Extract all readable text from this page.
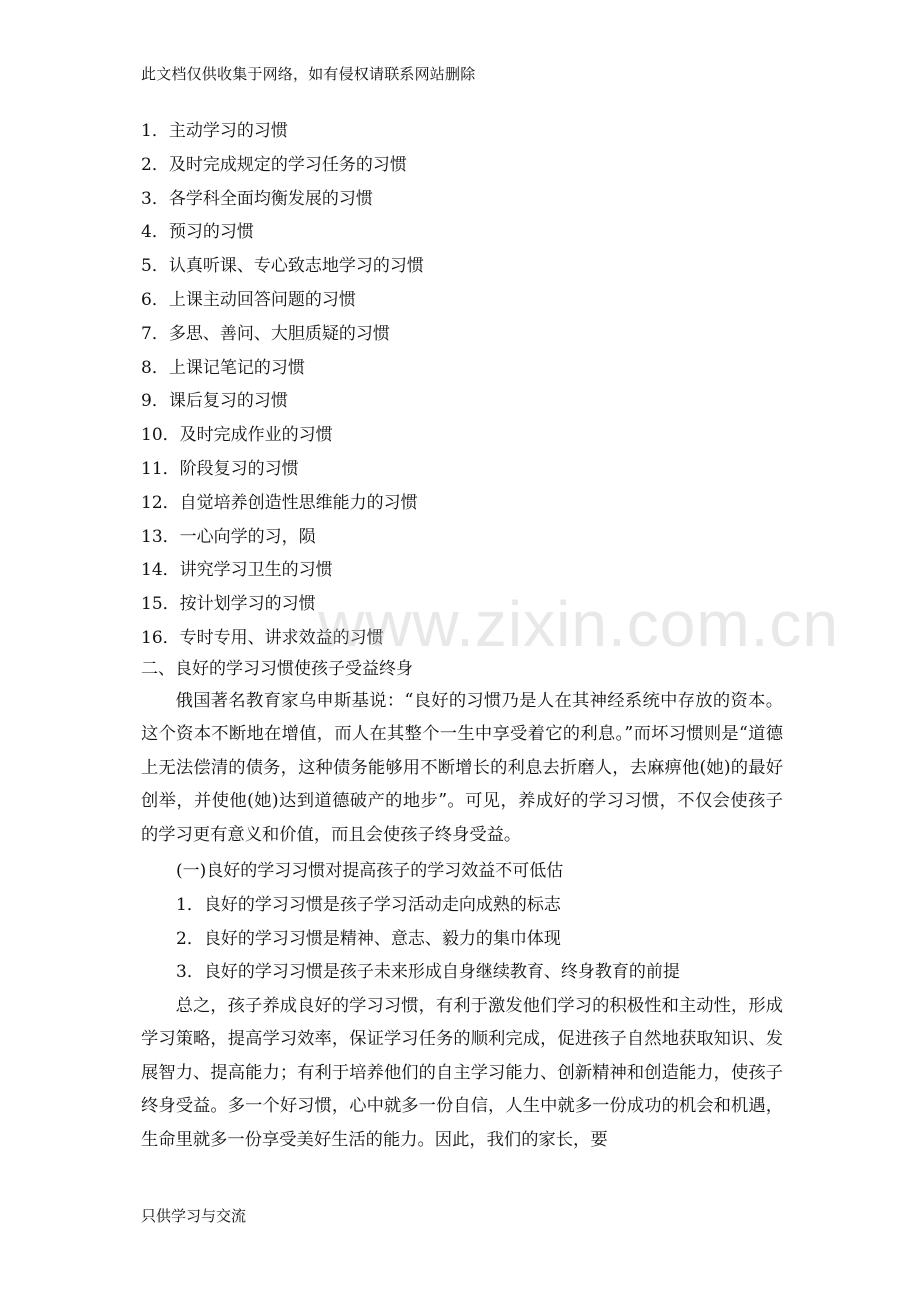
此文档仅供收集于网络，如有侵权请联系网站删除
1．主动学习的习惯
2．及时完成规定的学习任务的习惯
3．各学科全面均衡发展的习惯
4．预习的习惯
5．认真听课、专心致志地学习的习惯
6．上课主动回答问题的习惯
7．多思、善问、大胆质疑的习惯
8．上课记笔记的习惯
9．课后复习的习惯
10．及时完成作业的习惯
11．阶段复习的习惯
12．自觉培养创造性思维能力的习惯
13．一心向学的习，陨
14．讲究学习卫生的习惯
15．按计划学习的习惯
16．专时专用、讲求效益的习惯
www.zixin.com.cn
二、良好的学习习惯使孩子受益终身

俄国著名教育家乌申斯基说：“良好的习惯乃是人在其神经系统中存放的资本。这个资本不断地在增值，而人在其整个一生中享受着它的利息。”而坏习惯则是“道德上无法偿清的债务，这种债务能够用不断增长的利息去折磨人，去麻痹他(她)的最好创举，并使他(她)达到道德破产的地步”。可见，养成好的学习习惯，不仅会使孩子的学习更有意义和价值，而且会使孩子终身受益。

(一)良好的学习习惯对提高孩子的学习效益不可低估

1．良好的学习习惯是孩子学习活动走向成熟的标志

2．良好的学习习惯是精神、意志、毅力的集巾体现

3．良好的学习习惯是孩子未来形成自身继续教育、终身教育的前提

总之，孩子养成良好的学习习惯，有利于激发他们学习的积极性和主动性，形成学习策略，提高学习效率，保证学习任务的顺利完成，促进孩子自然地获取知识、发展智力、提高能力；有利于培养他们的自主学习能力、创新精神和创造能力，使孩子终身受益。多一个好习惯，心中就多一份自信，人生中就多一份成功的机会和机遇，生命里就多一份享受美好生活的能力。因此，我们的家长，要

只供学习与交流
